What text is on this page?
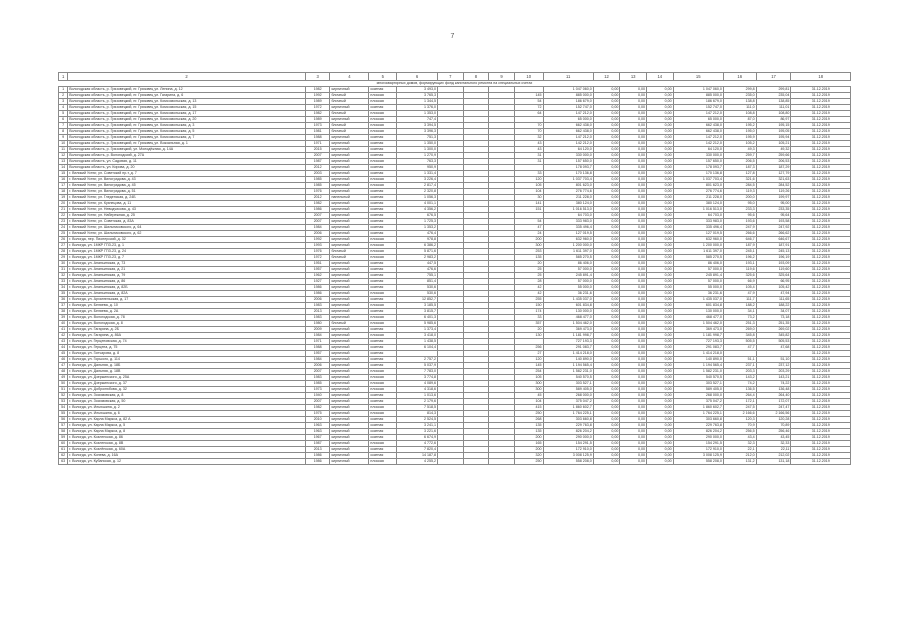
7
1	2	3	4	5	6	7	8	9	10	11	12	13	14	15	16	17	18
многоквартирных домов, формирующих фонд капитального ремонта на специальных счетах																	
1	Вологодская область, р. Грязовецкий, пг. Грязовец ул. Ленина, д. 12	1982	кирпичный	скатная	3 493,0					1 047 060,0	0,00	0,00	0,00	1 047 060,0	299,8	299,81	31.12.2019
2	Вологодская область, р. Грязовецкий, пг. Грязовец ул. Гагарина, д. 6	1992	блочный	плоская	3 765,3				145	885 000,0	0,00	0,00	0,00	885 000,0	235,0	235,04	31.12.2019
3	Вологодская область, р. Грязовецкий, пг. Грязовец ул. Комсомольская, д. 13	1989	блочный	плоская	1 344,5				54	186 679,0	0,00	0,00	0,00	186 679,0	138,8	138,85	31.12.2019
4	Вологодская область, р. Грязовецкий, пг. Грязовец ул. Комсомольская, д. 15	1972	кирпичный	скатная	1 376,0				72	152 747,0	0,00	0,00	0,00	152 747,0	111,0	111,01	31.12.2019
5	Вологодская область, р. Грязовецкий, пг. Грязовец ул. Комсомольская, д. 17	1982	блочный	плоская	1 353,0				64	147 212,0	0,00	0,00	0,00	147 212,0	108,8	108,80	31.12.2019
6	Вологодская область, р. Грязовецкий, пг. Грязовец ул. Комсомольская, д. 20	1989	кирпичный	плоская	747,4					65 000,0	0,00	0,00	0,00	65 000,0	87,0	86,97	31.12.2019
7	Вологодская область, р. Грязовецкий, пг. Грязовец ул. Комсомольская, д. 3	1973	блочный	плоская	3 394,5				70	662 438,0	0,00	0,00	0,00	662 438,0	195,2	195,15	31.12.2019
8	Вологодская область, р. Грязовецкий, пг. Грязовец ул. Комсомольская, д. 5	1981	блочный	плоская	3 396,3				70	662 438,0	0,00	0,00	0,00	662 438,0	195,0	195,05	31.12.2019
9	Вологодская область, р. Грязовецкий, пг. Грязовец ул. Комсомольская, д. 7	1988	кирпичный	скатная	751,3				32	147 212,0	0,00	0,00	0,00	147 212,0	195,9	195,94	31.12.2019
10	Вологодская область, р. Грязовецкий, пг. Грязовец ул. Вокзальная, д. 1	1971	кирпичный	скатная	1 350,0				43	142 212,0	0,00	0,00	0,00	142 212,0	105,2	105,21	31.12.2019
11	Вологодская область, р. Грязовецкий, ул. Молодёжная, д. 14А	2015	кирпичный	скатная	1 300,0				43	64 120,0	0,00	0,00	0,00	64 120,0	49,3	49,32	31.12.2019
12	Вологодская область, р. Вологодский, д. 27А	2007	кирпичный	скатная	1 270,9				31	330 000,0	0,00	0,00	0,00	330 000,0	259,7	259,66	31.12.2019
13	Вологодская область, ул. Садовая, д. 11	1987	кирпичный	плоская	763,3				31	157 650,0	0,00	0,00	0,00	157 650,0	206,5	206,53	31.12.2019
14	Вологодская область, ул. Кирова, д. 20	2012	кирпичный	скатная	950,9					178 093,7	0,00	0,00	0,00	178 093,7	187,3	187,29	31.12.2019
15	г. Великий Устюг, ул. Советский пр-т, д. 7	2003	кирпичный	скатная	1 331,4				33	170 136,8	0,00	0,00	0,00	170 136,8	127,8	127,79	31.12.2019
16	г. Великий Устюг, ул. Виноградова, д. 43	1985	кирпичный	плоская	3 226,4				120	1 037 703,4	0,00	0,00	0,00	1 037 703,4	321,6	321,63	31.12.2019
17	г. Великий Устюг, ул. Виноградова, д. 45	1985	кирпичный	плоская	2 817,4				105	801 623,0	0,00	0,00	0,00	801 623,0	284,5	284,52	31.12.2019
18	г. Великий Устюг, ул. Виноградова, д. 51	1976	кирпичный	скатная	2 320,8				104	276 774,6	0,00	0,00	0,00	276 774,6	119,3	119,26	31.12.2019
19	г. Великий Устюг, ул. Гледенская, д. 24Б	2012	панельный	скатная	1 056,3				30	211 228,0	0,00	0,00	0,00	211 228,0	200,0	199,97	31.12.2019
20	г. Великий Устюг, ул. Кузнецова, д. 11	1982	кирпичный	скатная	4 001,1				141	380 124,0	0,00	0,00	0,00	380 124,0	95,0	95,00	31.12.2019
21	г. Великий Устюг, ул. Неводчикова, д. 43	1986	кирпичный	скатная	4 356,2				151	1 016 513,0	0,00	0,00	0,00	1 016 513,0	233,3	233,35	31.12.2019
22	г. Великий Устюг, ул. Набережная, д. 25	2007	кирпичный	скатная	676,5					64 703,0	0,00	0,00	0,00	64 703,0	95,6	95,64	31.12.2019
23	г. Великий Устюг, ул. Советская, д. 83А	2007	кирпичный	скатная	1 725,3				54	333 983,0	0,00	0,00	0,00	333 983,0	193,6	193,58	31.12.2019
24	г. Великий Устюг, ул. Шильниковского, д. 64	1984	кирпичный	скатная	1 353,2				47	335 496,4	0,00	0,00	0,00	335 496,4	247,9	247,92	31.12.2019
25	г. Великий Устюг, ул. Шильниковского, д. 62	2006	кирпичный	скатная	476,4				24	127 019,5	0,00	0,00	0,00	127 019,5	266,6	266,62	31.12.2019
26	г. Вологда, пер. Пионерский, д. 32	1992	кирпичный	плоская	978,8				200	632 960,0	0,00	0,00	0,00	632 960,0	646,7	646,67	31.12.2019
27	г. Вологда, ул. 1МКР ГПЗ-23, д. 1	1993	кирпичный	плоская	6 386,2				300	1 200 000,0	0,00	0,00	0,00	1 200 000,0	187,9	187,91	31.12.2019
28	г. Вологда, ул. 1МКР ГПЗ-23, д. 24	1976	блочный	плоская	5 871,6				253	1 611 397,0	0,00	0,00	0,00	1 611 397,0	245,1	245,13	31.12.2019
29	г. Вологда, ул. 1МКР ГПЗ-23, д. 7	1972	блочный	плоская	2 983,2				135	585 270,5	0,00	0,00	0,00	585 270,5	196,2	196,19	31.12.2019
30	г. Вологда, ул. Ананьинская, д. 73	1951	кирпичный	скатная	447,5				20	86 406,0	0,00	0,00	0,00	86 406,0	193,1	193,09	31.12.2019
31	г. Вологда, ул. Ананьинская, д. 21	1957	кирпичный	скатная	476,6				25	57 000,0	0,00	0,00	0,00	57 000,0	119,6	119,60	31.12.2019
32	г. Вологда, ул. Ананьинская, д. 79	1962	кирпичный	скатная	755,1				25	245 891,4	0,00	0,00	0,00	245 891,4	325,6	325,64	31.12.2019
33	г. Вологда, ул. Ананьинская, д. 86	1927	кирпичный	скатная	851,4				28	57 000,0	0,00	0,00	0,00	57 000,0	66,9	66,95	31.12.2019
34	г. Вологда, ул. Ананьинская, д. 82Б	1986	кирпичный	скатная	530,6				42	55 000,0	0,00	0,00	0,00	55 000,0	105,4	105,42	31.12.2019
35	г. Вологда, ул. Ананьинская, д. 82А	1986	кирпичный	плоская	530,6				42	36 231,6	0,00	0,00	0,00	36 231,6	47,9	47,94	31.12.2019
36	г. Вологда, ул. Архангельская, д. 17	2006	кирпичный	скатная	12 852,7				255	1 435 037,0	0,00	0,00	0,00	1 435 037,0	111,7	111,65	31.12.2019
37	г. Вологда, ул. Беляева, д. 10	1983	кирпичный	плоская	3 185,5				150	601 834,8	0,00	0,00	0,00	601 834,8	188,2	188,22	31.12.2019
38	г. Вологда, ул. Беляева, д. 2А	2013	кирпичный	скатная	3 815,7				174	130 000,0	0,00	0,00	0,00	130 000,0	34,1	34,07	31.12.2019
39	г. Вологда, ул. Вологодская, д. 78	1983	кирпичный	плоская	6 401,3				33	468 477,0	0,00	0,00	0,00	468 477,0	73,2	73,18	31.12.2019
40	г. Вологда, ул. Вологодская, д. 8	1980	блочный	плоская	5 985,6				357	1 504 462,0	0,00	0,00	0,00	1 504 462,0	251,3	251,35	31.12.2019
41	г. Вологда, ул. Гагарина, д. 2Б	2009	кирпичный	скатная	1 373,4				20	369 473,0	0,00	0,00	0,00	369 473,0	269,0	269,02	31.12.2019
42	г. Вологда, ул. Гагарина, д. 86А	1984	кирпичный	плоская	3 418,0				130	1 181 998,7	0,00	0,00	0,00	1 181 998,7	345,8	345,82	31.12.2019
43	г. Вологда, ул. Герценовская, д. 74	1971	кирпичный	скатная	1 438,5					727 193,3	0,00	0,00	0,00	727 193,3	505,5	505,53	31.12.2019
44	г. Вологда, ул. Герцена, д. 75	1988	кирпичный	скатная	6 104,4				256	291 083,7	0,00	0,00	0,00	291 083,7	47,7	47,68	31.12.2019
45	г. Вологда, ул. Гончарова, д. 8	1957	кирпичный	скатная					27	1 414 218,0	0,00	0,00	0,00	1 414 218,0			31.12.2019
46	г. Вологда, ул. Горького, д. 114	1984	кирпичный	скатная	2 757,2				120	140 890,0	0,00	0,00	0,00	140 890,0	51,1	51,10	31.12.2019
47	г. Вологда, ул. Дальняя, д. 18Б	2006	кирпичный	скатная	5 037,9				145	1 194 565,4	0,00	0,00	0,00	1 194 565,4	237,1	237,12	31.12.2019
48	г. Вологда, ул. Дальняя, д. 18В	2007	кирпичный	плоская	7 783,0				254	1 582 231,0	0,00	0,00	0,00	1 582 231,0	203,3	203,29	31.12.2019
49	г. Вологда, ул. Дзержинского, д. 25А	1983	кирпичный	плоская	3 774,8				105	540 570,5	0,00	0,00	0,00	540 570,5	143,2	143,21	31.12.2019
50	г. Вологда, ул. Дзержинского, д. 37	1985	кирпичный	плоская	4 089,6				300	303 527,1	0,00	0,00	0,00	303 527,1	74,2	74,22	31.12.2019
51	г. Вологда, ул. Добролюбова, д. 32	1973	кирпичный	плоская	4 318,6				300	589 405,0	0,00	0,00	0,00	589 405,0	136,5	136,48	31.12.2019
52	г. Вологда, ул. Зосимовская, д. 8	1940	кирпичный	скатная	1 013,6				45	268 000,0	0,00	0,00	0,00	268 000,0	264,4	264,40	31.12.2019
53	г. Вологда, ул. Зосимовская, д. 50	2007	кирпичный	скатная	2 179,6				104	375 047,2	0,00	0,00	0,00	375 047,2	172,1	172,07	31.12.2019
54	г. Вологда, ул. Ильюшина, д. 2	1982	кирпичный	плоская	7 518,5				415	1 860 602,7	0,00	0,00	0,00	1 860 602,7	247,5	247,47	31.12.2019
55	г. Вологда, ул. Ильюшина, д. 6	1975	кирпичный	плоская	814,3				250	1 764 225,1	0,00	0,00	0,00	1 764 225,1	2 166,6	2 166,56	31.12.2019
56	г. Вологда, ул. Карла Маркса, д. 82 А	2010	кирпичный	скатная	2 524,5				268	303 660,8	0,00	0,00	0,00	303 660,8	120,3	120,28	31.12.2019
57	г. Вологда, ул. Карла Маркса, д. 5	1963	кирпичный	скатная	3 241,1				135	229 763,8	0,00	0,00	0,00	229 763,8	70,9	70,89	31.12.2019
58	г. Вологда, ул. Карла Маркса, д. 8	1963	кирпичный	скатная	3 221,6				135	826 204,2	0,00	0,00	0,00	826 204,2	256,5	256,46	31.12.2019
59	г. Вологда, ул. Козленская, д. 86	1967	кирпичный	скатная	6 674,9				200	290 000,0	0,00	0,00	0,00	290 000,0	43,4	43,45	31.12.2019
60	г. Вологда, ул. Козленская, д. 8В	1987	кирпичный	плоская	4 772,6				165	154 291,5	0,00	0,00	0,00	154 291,5	32,3	32,33	31.12.2019
61	г. Вологда, ул. Козлёнская, д. 60А	2013	кирпичный	скатная	7 820,4				200	172 910,0	0,00	0,00	0,00	172 910,0	22,1	22,11	31.12.2019
62	г. Вологда, ул. Конева, д. 16А	1986	кирпичный	скатная	14 187,8				320	3 008 125,9	0,00	0,00	0,00	3 008 125,9	212,0	212,02	31.12.2019
63	г. Вологда, ул. Кубанская, д. 12	1986	кирпичный	плоская	4 255,2				250	558 208,0	0,00	0,00	0,00	558 208,0	131,2	131,18	31.12.2019
